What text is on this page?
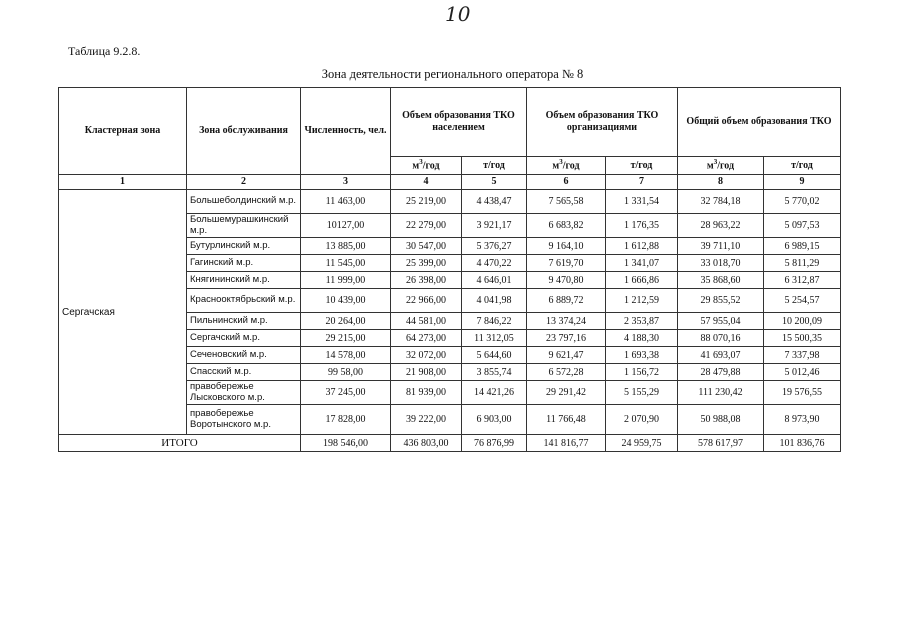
10
Таблица 9.2.8.
Зона деятельности регионального оператора № 8
Кластерная зона	Зона обслуживания	Численность, чел.	Объем образования ТКО населением		Объем образования ТКО организациями		Общий объем образования ТКО	
			$м^3$/год	т/год	$м^3$/год	т/год	$м^3$/год	т/год
1	2	3	4	5	6	7	8	9
Сергачская	Большеболдинский м.р.	11 463,00	25 219,00	4 438,47	7 565,58	1 331,54	32 784,18	5 770,02
	Большемурашкинский м.р.	10127,00	22 279,00	3 921,17	6 683,82	1 176,35	28 963,22	5 097,53
	Бутурлинский м.р.	13 885,00	30 547,00	5 376,27	9 164,10	1 612,88	39 711,10	6 989,15
	Гагинский м.р.	11 545,00	25 399,00	4 470,22	7 619,70	1 341,07	33 018,70	5 811,29
	Княгининский м.р.	11 999,00	26 398,00	4 646,01	9 470,80	1 666,86	35 868,60	6 312,87
	Краснооктябрьский м.р.	10 439,00	22 966,00	4 041,98	6 889,72	1 212,59	29 855,52	5 254,57
	Пильнинский м.р.	20 264,00	44 581,00	7 846,22	13 374,24	2 353,87	57 955,04	10 200,09
	Сергачский м.р.	29 215,00	64 273,00	11 312,05	23 797,16	4 188,30	88 070,16	15 500,35
	Сеченовский м.р.	14 578,00	32 072,00	5 644,60	9 621,47	1 693,38	41 693,07	7 337,98
	Спасский м.р.	99 58,00	21 908,00	3 855,74	6 572,28	1 156,72	28 479,88	5 012,46
	правобережье Лысковского м.р.	37 245,00	81 939,00	14 421,26	29 291,42	5 155,29	111 230,42	19 576,55
	правобережье Воротынского м.р.	17 828,00	39 222,00	6 903,00	11 766,48	2 070,90	50 988,08	8 973,90
ИТОГО		198 546,00	436 803,00	76 876,99	141 816,77	24 959,75	578 617,97	101 836,76
